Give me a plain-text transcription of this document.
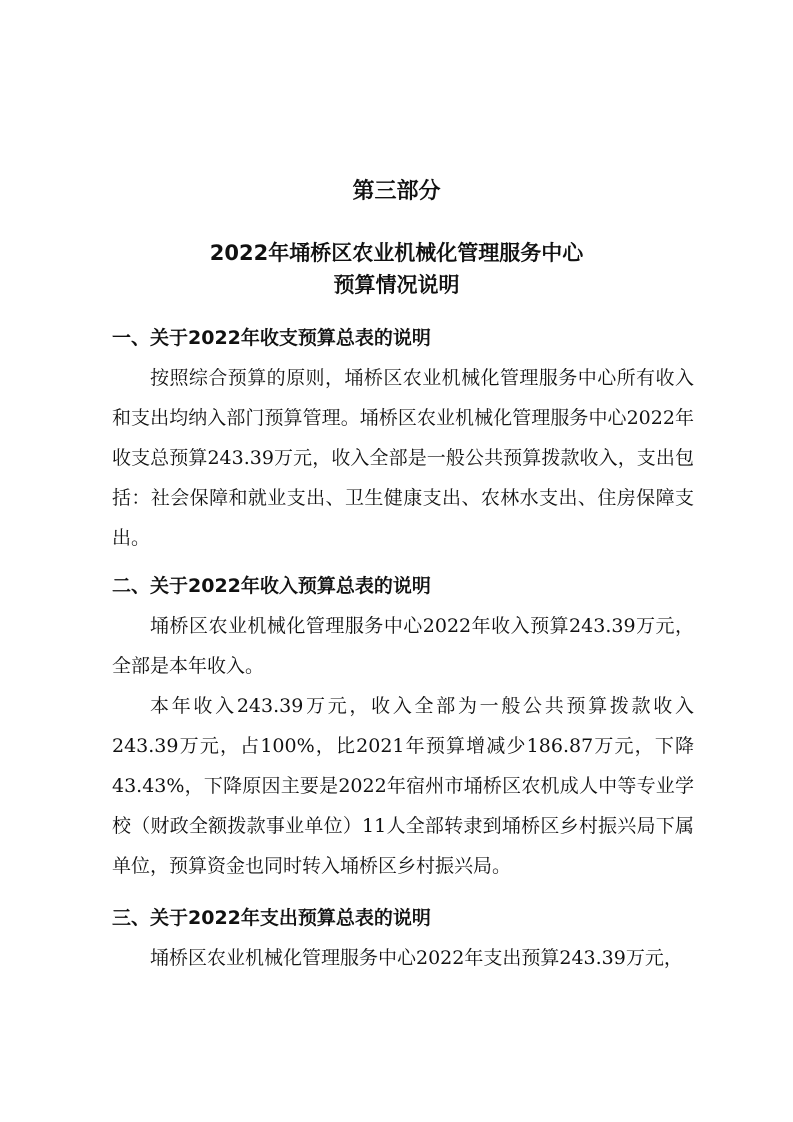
第三部分
2022年埇桥区农业机械化管理服务中心
预算情况说明

一、关于2022年收支预算总表的说明

按照综合预算的原则，埇桥区农业机械化管理服务中心所有收入和支出均纳入部门预算管理。埇桥区农业机械化管理服务中心2022年收支总预算243.39万元，收入全部是一般公共预算拨款收入，支出包括：社会保障和就业支出、卫生健康支出、农林水支出、住房保障支出。

二、关于2022年收入预算总表的说明

埇桥区农业机械化管理服务中心2022年收入预算243.39万元，全部是本年收入。

本年收入243.39万元，收入全部为一般公共预算拨款收入243.39万元，占100%，比2021年预算增减少186.87万元，下降43.43%，下降原因主要是2022年宿州市埇桥区农机成人中等专业学校（财政全额拨款事业单位）11人全部转隶到埇桥区乡村振兴局下属单位，预算资金也同时转入埇桥区乡村振兴局。

三、关于2022年支出预算总表的说明

埇桥区农业机械化管理服务中心2022年支出预算243.39万元，
